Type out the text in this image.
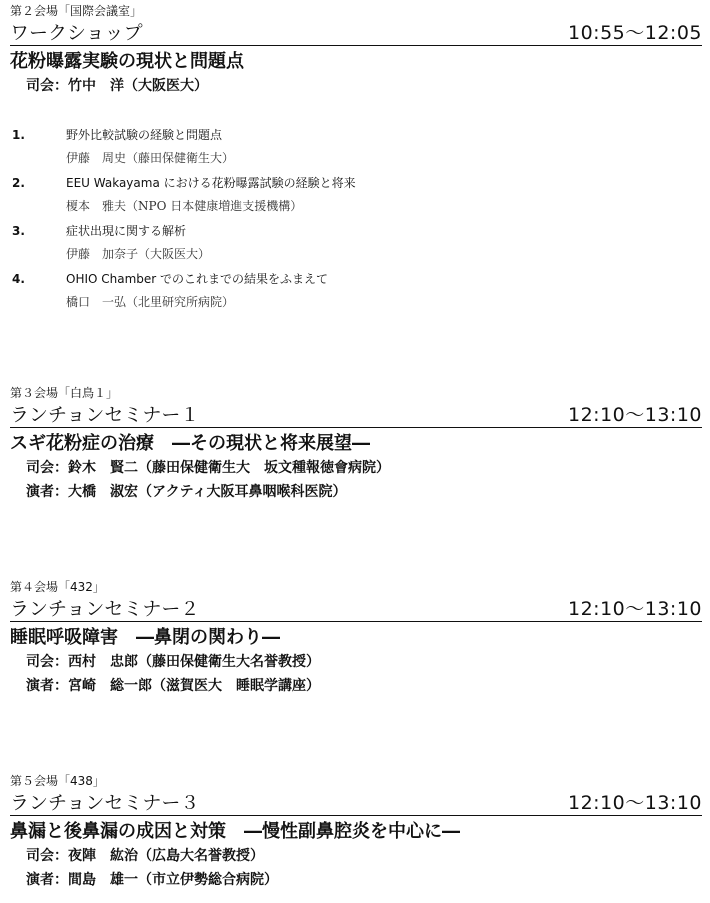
第２会場「国際会議室」
ワークショップ	10:55～12:05
花粉曝露実験の現状と問題点
司会：竹中　洋（大阪医大）
1.	野外比較試験の経験と問題点
伊藤　周史（藤田保健衛生大）
2.	EEU Wakayama における花粉曝露試験の経験と将来
榎本　雅夫（NPO 日本健康増進支援機構）
3.	症状出現に関する解析
伊藤　加奈子（大阪医大）
4.	OHIO Chamber でのこれまでの結果をふまえて
橋口　一弘（北里研究所病院）
第３会場「白鳥１」
ランチョンセミナー１	12:10～13:10
スギ花粉症の治療　―その現状と将来展望―
司会：鈴木　賢二（藤田保健衛生大　坂文種報徳會病院）
演者：大橋　淑宏（アクティ大阪耳鼻咽喉科医院）
第４会場「432」
ランチョンセミナー２	12:10～13:10
睡眠呼吸障害　―鼻閉の関わり―
司会：西村　忠郎（藤田保健衛生大名誉教授）
演者：宮崎　総一郎（滋賀医大　睡眠学講座）
第５会場「438」
ランチョンセミナー３	12:10～13:10
鼻漏と後鼻漏の成因と対策　―慢性副鼻腔炎を中心に―
司会：夜陣　紘治（広島大名誉教授）
演者：間島　雄一（市立伊勢総合病院）
